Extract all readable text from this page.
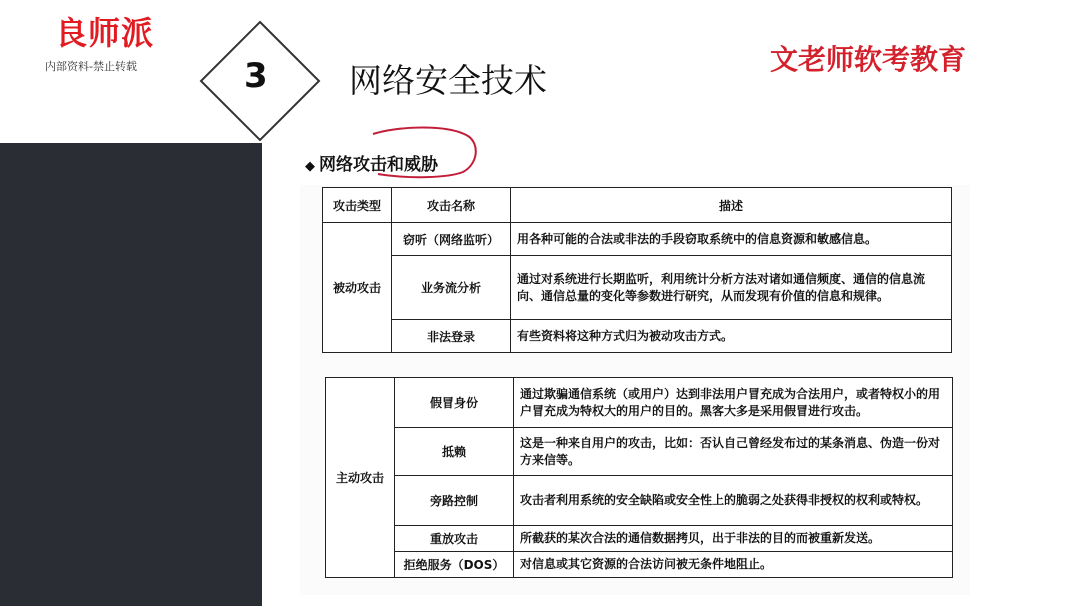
良师派
内部资料-禁止转载	3 网络安全技术
文老师软考教育
◆ 网络攻击和威胁
攻击类型	攻击名称	描述
被动攻击	窃听（网络监听）	用各种可能的合法或非法的手段窃取系统中的信息资源和敏感信息。
	业务流分析	通过对系统进行长期监听，利用统计分析方法对诸如通信频度、通信的信息流向、通信总量的变化等参数进行研究，从而发现有价值的信息和规律。
	非法登录	有些资料将这种方式归为被动攻击方式。
主动攻击	假冒身份	通过欺骗通信系统（或用户）达到非法用户冒充成为合法用户，或者特权小的用户冒充成为特权大的用户的目的。黑客大多是采用假冒进行攻击。
	抵赖	这是一种来自用户的攻击，比如：否认自己曾经发布过的某条消息、伪造一份对方来信等。
	旁路控制	攻击者利用系统的安全缺陷或安全性上的脆弱之处获得非授权的权利或特权。
	重放攻击	所截获的某次合法的通信数据拷贝，出于非法的目的而被重新发送。
	拒绝服务（DOS）	对信息或其它资源的合法访问被无条件地阻止。
